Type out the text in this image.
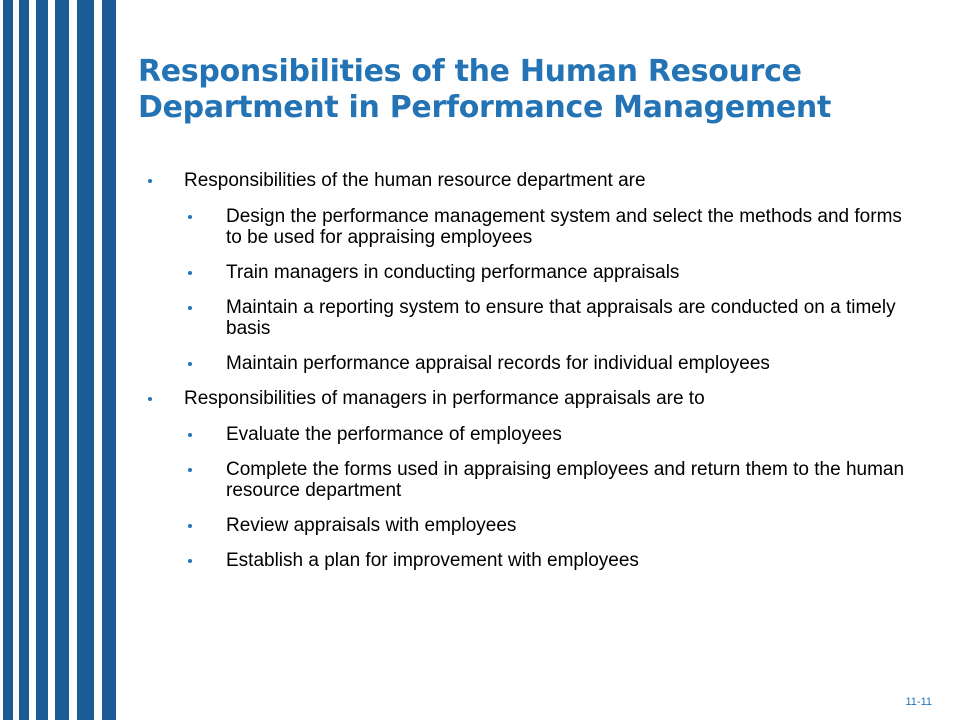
Responsibilities of the Human Resource Department in Performance Management
Responsibilities of the human resource department are
Design the performance management system and select the methods and forms to be used for appraising employees
Train managers in conducting performance appraisals
Maintain a reporting system to ensure that appraisals are conducted on a timely basis
Maintain performance appraisal records for individual employees
Responsibilities of managers in performance appraisals are to
Evaluate the performance of employees
Complete the forms used in appraising employees and return them to the human resource department
Review appraisals with employees
Establish a plan for improvement with employees
11-11
